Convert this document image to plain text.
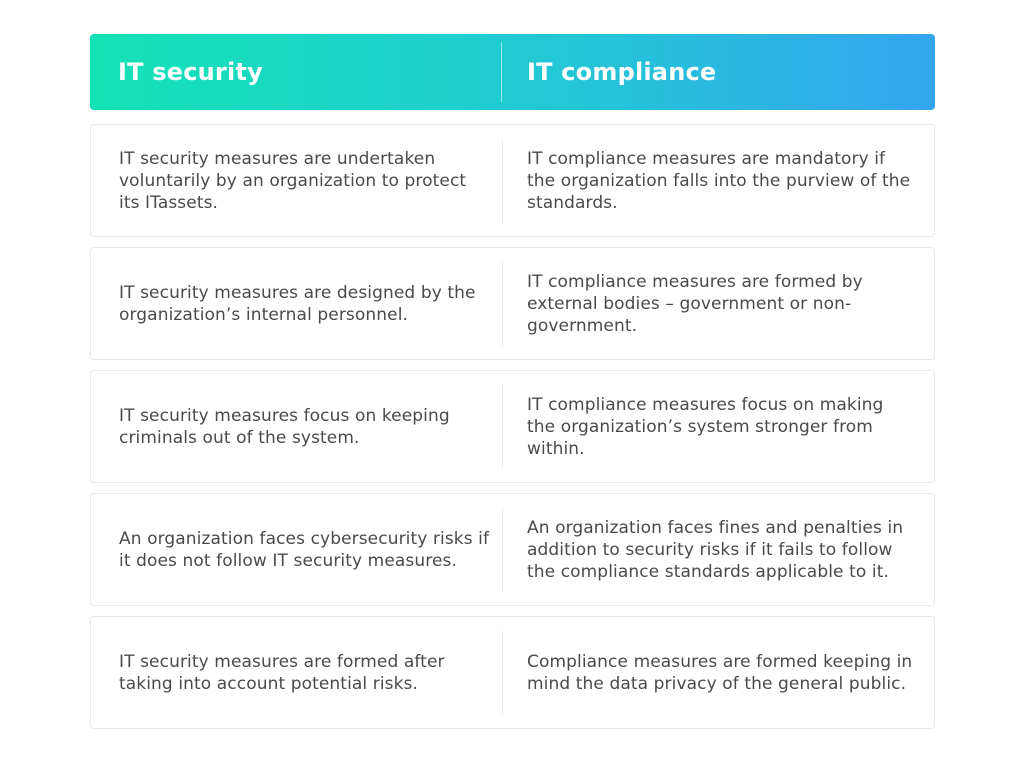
IT security	IT compliance
IT security measures are undertaken voluntarily by an organization to protect its ITassets.
IT compliance measures are mandatory if the organization falls into the purview of the standards.
IT security measures are designed by the organization’s internal personnel.
IT compliance measures are formed by external bodies – government or non-government.
IT security measures focus on keeping criminals out of the system.
IT compliance measures focus on making the organization’s system stronger from within.
An organization faces cybersecurity risks if it does not follow IT security measures.
An organization faces fines and penalties in addition to security risks if it fails to follow the compliance standards applicable to it.
IT security measures are formed after taking into account potential risks.
Compliance measures are formed keeping in mind the data privacy of the general public.
